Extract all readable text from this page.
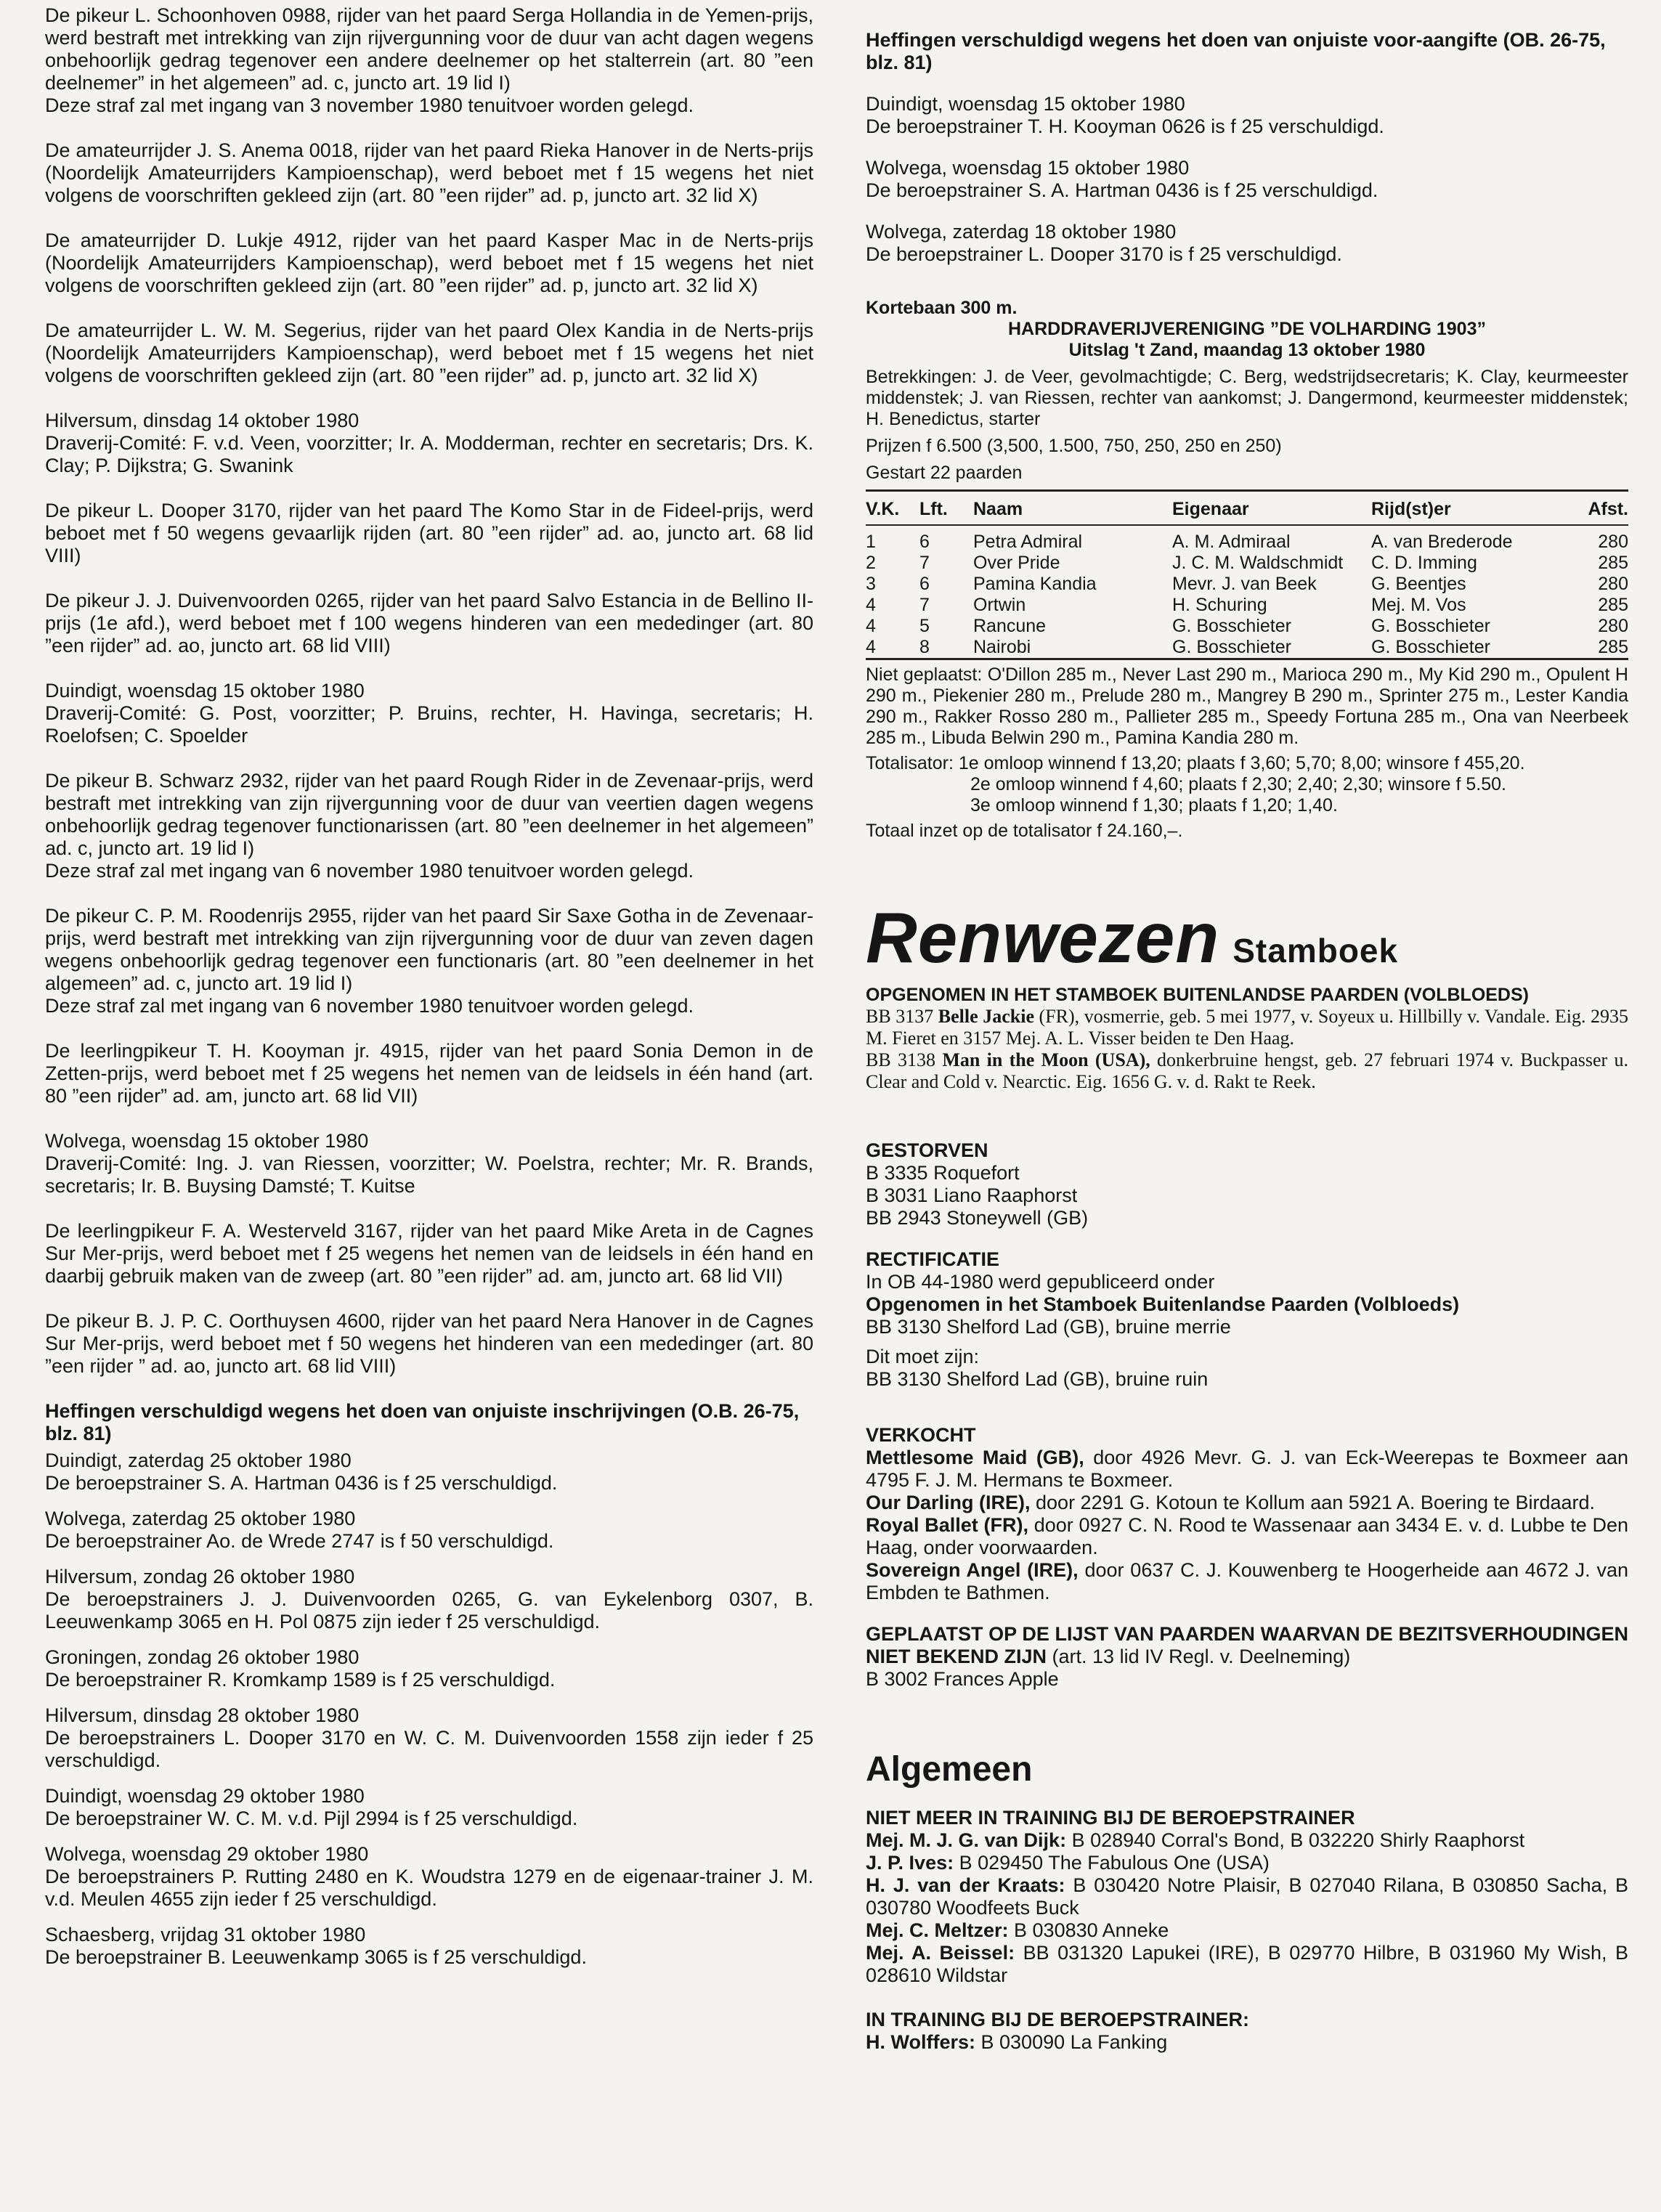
De pikeur L. Schoonhoven 0988, rijder van het paard Serga Hollandia in de Yemen-prijs, werd bestraft met intrekking van zijn rijvergunning voor de duur van acht dagen wegens onbehoorlijk gedrag tegenover een andere deelnemer op het stalterrein (art. 80 ”een deelnemer” in het algemeen” ad. c, juncto art. 19 lid I)

Deze straf zal met ingang van 3 november 1980 tenuitvoer worden gelegd.

De amateurrijder J. S. Anema 0018, rijder van het paard Rieka Hanover in de Nerts-prijs (Noordelijk Amateurrijders Kampioenschap), werd beboet met f 15 wegens het niet volgens de voorschriften gekleed zijn (art. 80 ”een rijder” ad. p, juncto art. 32 lid X)

De amateurrijder D. Lukje 4912, rijder van het paard Kasper Mac in de Nerts-prijs (Noordelijk Amateurrijders Kampioenschap), werd beboet met f 15 wegens het niet volgens de voorschriften gekleed zijn (art. 80 ”een rijder” ad. p, juncto art. 32 lid X)

De amateurrijder L. W. M. Segerius, rijder van het paard Olex Kandia in de Nerts-prijs (Noordelijk Amateurrijders Kampioenschap), werd beboet met f 15 wegens het niet volgens de voorschriften gekleed zijn (art. 80 ”een rijder” ad. p, juncto art. 32 lid X)

Hilversum, dinsdag 14 oktober 1980

Draverij-Comité: F. v.d. Veen, voorzitter; Ir. A. Modderman, rechter en secretaris; Drs. K. Clay; P. Dijkstra; G. Swanink

De pikeur L. Dooper 3170, rijder van het paard The Komo Star in de Fideel-prijs, werd beboet met f 50 wegens gevaarlijk rijden (art. 80 ”een rijder” ad. ao, juncto art. 68 lid VIII)

De pikeur J. J. Duivenvoorden 0265, rijder van het paard Salvo Estancia in de Bellino II-prijs (1e afd.), werd beboet met f 100 wegens hinderen van een mededinger (art. 80 ”een rijder” ad. ao, juncto art. 68 lid VIII)

Duindigt, woensdag 15 oktober 1980

Draverij-Comité: G. Post, voorzitter; P. Bruins, rechter, H. Havinga, secretaris; H. Roelofsen; C. Spoelder

De pikeur B. Schwarz 2932, rijder van het paard Rough Rider in de Zevenaar-prijs, werd bestraft met intrekking van zijn rijvergunning voor de duur van veertien dagen wegens onbehoorlijk gedrag tegenover functionarissen (art. 80 ”een deelnemer in het algemeen” ad. c, juncto art. 19 lid I)

Deze straf zal met ingang van 6 november 1980 tenuitvoer worden gelegd.

De pikeur C. P. M. Roodenrijs 2955, rijder van het paard Sir Saxe Gotha in de Zevenaar-prijs, werd bestraft met intrekking van zijn rijvergunning voor de duur van zeven dagen wegens onbehoorlijk gedrag tegenover een functionaris (art. 80 ”een deelnemer in het algemeen” ad. c, juncto art. 19 lid I)

Deze straf zal met ingang van 6 november 1980 tenuitvoer worden gelegd.

De leerlingpikeur T. H. Kooyman jr. 4915, rijder van het paard Sonia Demon in de Zetten-prijs, werd beboet met f 25 wegens het nemen van de leidsels in één hand (art. 80 ”een rijder” ad. am, juncto art. 68 lid VII)

Wolvega, woensdag 15 oktober 1980

Draverij-Comité: Ing. J. van Riessen, voorzitter; W. Poelstra, rechter; Mr. R. Brands, secretaris; Ir. B. Buysing Damsté; T. Kuitse

De leerlingpikeur F. A. Westerveld 3167, rijder van het paard Mike Areta in de Cagnes Sur Mer-prijs, werd beboet met f 25 wegens het nemen van de leidsels in één hand en daarbij gebruik maken van de zweep (art. 80 ”een rijder” ad. am, juncto art. 68 lid VII)

De pikeur B. J. P. C. Oorthuysen 4600, rijder van het paard Nera Hanover in de Cagnes Sur Mer-prijs, werd beboet met f 50 wegens het hinderen van een mededinger (art. 80 ”een rijder ” ad. ao, juncto art. 68 lid VIII)

Heffingen verschuldigd wegens het doen van onjuiste inschrijvingen (O.B. 26-75, blz. 81)

Duindigt, zaterdag 25 oktober 1980

De beroepstrainer S. A. Hartman 0436 is f 25 verschuldigd.

Wolvega, zaterdag 25 oktober 1980

De beroepstrainer Ao. de Wrede 2747 is f 50 verschuldigd.

Hilversum, zondag 26 oktober 1980

De beroepstrainers J. J. Duivenvoorden 0265, G. van Eykelenborg 0307, B. Leeuwenkamp 3065 en H. Pol 0875 zijn ieder f 25 verschuldigd.

Groningen, zondag 26 oktober 1980

De beroepstrainer R. Kromkamp 1589 is f 25 verschuldigd.

Hilversum, dinsdag 28 oktober 1980

De beroepstrainers L. Dooper 3170 en W. C. M. Duivenvoorden 1558 zijn ieder f 25 verschuldigd.

Duindigt, woensdag 29 oktober 1980

De beroepstrainer W. C. M. v.d. Pijl 2994 is f 25 verschuldigd.

Wolvega, woensdag 29 oktober 1980

De beroepstrainers P. Rutting 2480 en K. Woudstra 1279 en de eigenaar-trainer J. M. v.d. Meulen 4655 zijn ieder f 25 verschuldigd.

Schaesberg, vrijdag 31 oktober 1980

De beroepstrainer B. Leeuwenkamp 3065 is f 25 verschuldigd.

Heffingen verschuldigd wegens het doen van onjuiste voor-aangifte (OB. 26-75, blz. 81)

Duindigt, woensdag 15 oktober 1980

De beroepstrainer T. H. Kooyman 0626 is f 25 verschuldigd.

Wolvega, woensdag 15 oktober 1980

De beroepstrainer S. A. Hartman 0436 is f 25 verschuldigd.

Wolvega, zaterdag 18 oktober 1980

De beroepstrainer L. Dooper 3170 is f 25 verschuldigd.

Kortebaan 300 m.

HARDDRAVERIJVERENIGING ”DE VOLHARDING 1903”

Uitslag 't Zand, maandag 13 oktober 1980

Betrekkingen: J. de Veer, gevolmachtigde; C. Berg, wedstrijdsecretaris; K. Clay, keurmeester middenstek; J. van Riessen, rechter van aankomst; J. Dangermond, keurmeester middenstek; H. Benedictus, starter

Prijzen f 6.500 (3,500, 1.500, 750, 250, 250 en 250)

Gestart 22 paarden

V.K.	Lft.	Naam	Eigenaar	Rijd(st)er	Afst.
1	6	Petra Admiral	A. M. Admiraal	A. van Brederode	280
2	7	Over Pride	J. C. M. Waldschmidt	C. D. Imming	285
3	6	Pamina Kandia	Mevr. J. van Beek	G. Beentjes	280
4	7	Ortwin	H. Schuring	Mej. M. Vos	285
4	5	Rancune	G. Bosschieter	G. Bosschieter	280
4	8	Nairobi	G. Bosschieter	G. Bosschieter	285

Niet geplaatst: O'Dillon 285 m., Never Last 290 m., Marioca 290 m., My Kid 290 m., Opulent H 290 m., Piekenier 280 m., Prelude 280 m., Mangrey B 290 m., Sprinter 275 m., Lester Kandia 290 m., Rakker Rosso 280 m., Pallieter 285 m., Speedy Fortuna 285 m., Ona van Neerbeek 285 m., Libuda Belwin 290 m., Pamina Kandia 280 m.

Totalisator: 1e omloop winnend f 13,20; plaats f 3,60; 5,70; 8,00; winsore f 455,20.

2e omloop winnend f 4,60; plaats f 2,30; 2,40; 2,30; winsore f 5.50.

3e omloop winnend f 1,30; plaats f 1,20; 1,40.

Totaal inzet op de totalisator f 24.160,–.

Renwezen Stamboek

OPGENOMEN IN HET STAMBOEK BUITENLANDSE PAARDEN (VOLBLOEDS)

BB 3137 Belle Jackie (FR), vosmerrie, geb. 5 mei 1977, v. Soyeux u. Hillbilly v. Vandale. Eig. 2935 M. Fieret en 3157 Mej. A. L. Visser beiden te Den Haag.

BB 3138 Man in the Moon (USA), donkerbruine hengst, geb. 27 februari 1974 v. Buckpasser u. Clear and Cold v. Nearctic. Eig. 1656 G. v. d. Rakt te Reek.

GESTORVEN

B 3335 Roquefort

B 3031 Liano Raaphorst

BB 2943 Stoneywell (GB)

RECTIFICATIE

In OB 44-1980 werd gepubliceerd onder

Opgenomen in het Stamboek Buitenlandse Paarden (Volbloeds)

BB 3130 Shelford Lad (GB), bruine merrie

Dit moet zijn:

BB 3130 Shelford Lad (GB), bruine ruin

VERKOCHT

Mettlesome Maid (GB), door 4926 Mevr. G. J. van Eck-Weerepas te Boxmeer aan 4795 F. J. M. Hermans te Boxmeer.

Our Darling (IRE), door 2291 G. Kotoun te Kollum aan 5921 A. Boering te Birdaard.

Royal Ballet (FR), door 0927 C. N. Rood te Wassenaar aan 3434 E. v. d. Lubbe te Den Haag, onder voorwaarden.

Sovereign Angel (IRE), door 0637 C. J. Kouwenberg te Hoogerheide aan 4672 J. van Embden te Bathmen.

GEPLAATST OP DE LIJST VAN PAARDEN WAARVAN DE BEZITSVERHOUDINGEN NIET BEKEND ZIJN (art. 13 lid IV Regl. v. Deelneming)

B 3002 Frances Apple

Algemeen

NIET MEER IN TRAINING BIJ DE BEROEPSTRAINER

Mej. M. J. G. van Dijk: B 028940 Corral's Bond, B 032220 Shirly Raaphorst

J. P. Ives: B 029450 The Fabulous One (USA)

H. J. van der Kraats: B 030420 Notre Plaisir, B 027040 Rilana, B 030850 Sacha, B 030780 Woodfeets Buck

Mej. C. Meltzer: B 030830 Anneke

Mej. A. Beissel: BB 031320 Lapukei (IRE), B 029770 Hilbre, B 031960 My Wish, B 028610 Wildstar

IN TRAINING BIJ DE BEROEPSTRAINER:

H. Wolffers: B 030090 La Fanking
